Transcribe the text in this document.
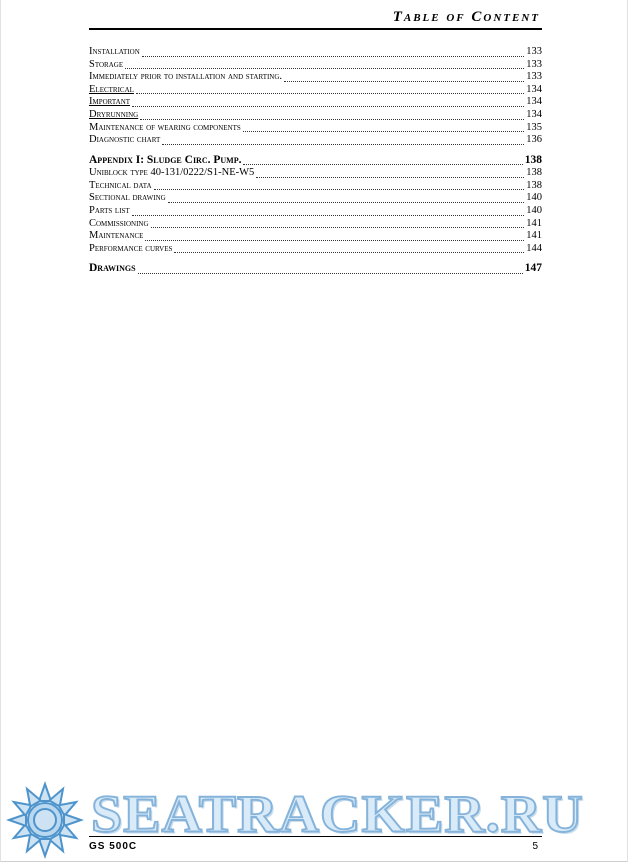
Table of Content
Installation	133
Storage	133
Immediately prior to installation and starting.	133
Electrical	134
Important	134
Dryrunning	134
Maintenance of wearing components	135
Diagnostic chart	136
Appendix I: Sludge Circ. Pump.	138
Uniblock type 40-131/0222/S1-NE-W5	138
Technical data	138
Sectional drawing	140
Parts list	140
Commissioning	141
Maintenance	141
Performance curves	144
Drawings	147
GS 500C	5
SEATRACKER.RU
